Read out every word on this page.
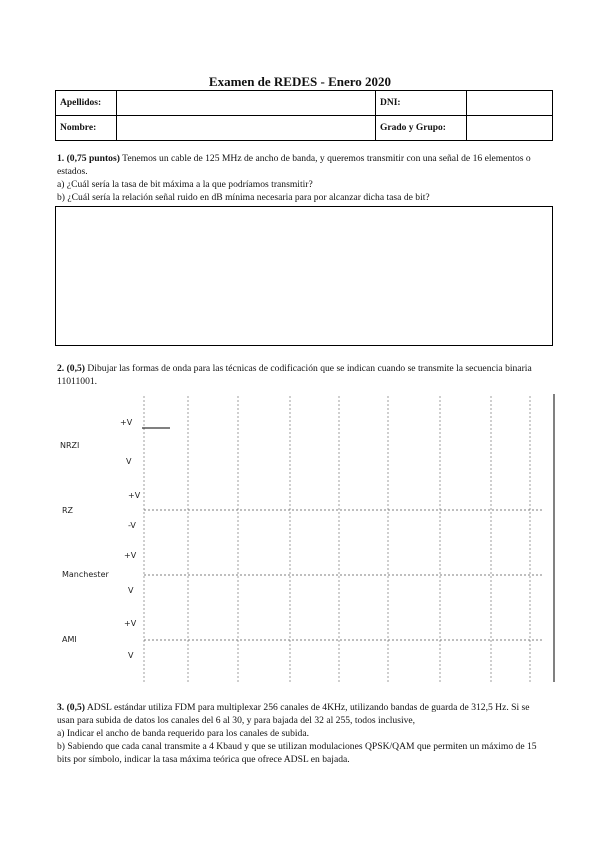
Examen de REDES - Enero 2020
Apellidos:		DNI:	
Nombre:		Grado y Grupo:	
1. (0,75 puntos) Tenemos un cable de 125 MHz de ancho de banda, y queremos transmitir con una señal de 16 elementos o estados.
a) ¿Cuál sería la tasa de bit máxima a la que podríamos transmitir?
b) ¿Cuál sería la relación señal ruido en dB mínima necesaria para por alcanzar dicha tasa de bit?
2. (0,5) Dibujar las formas de onda para las técnicas de codificación que se indican cuando se transmite la secuencia binaria 11011001.
+V
NRZI
V
+V
RZ
-V
+V
Manchester
V
+V
AMI
V
3. (0,5) ADSL estándar utiliza FDM para multiplexar 256 canales de 4KHz, utilizando bandas de guarda de 312,5 Hz. Si se usan para subida de datos los canales del 6 al 30, y para bajada del 32 al 255, todos inclusive,
a) Indicar el ancho de banda requerido para los canales de subida.
b) Sabiendo que cada canal transmite a 4 Kbaud y que se utilizan modulaciones QPSK/QAM que permiten un máximo de 15 bits por símbolo, indicar la tasa máxima teórica que ofrece ADSL en bajada.
